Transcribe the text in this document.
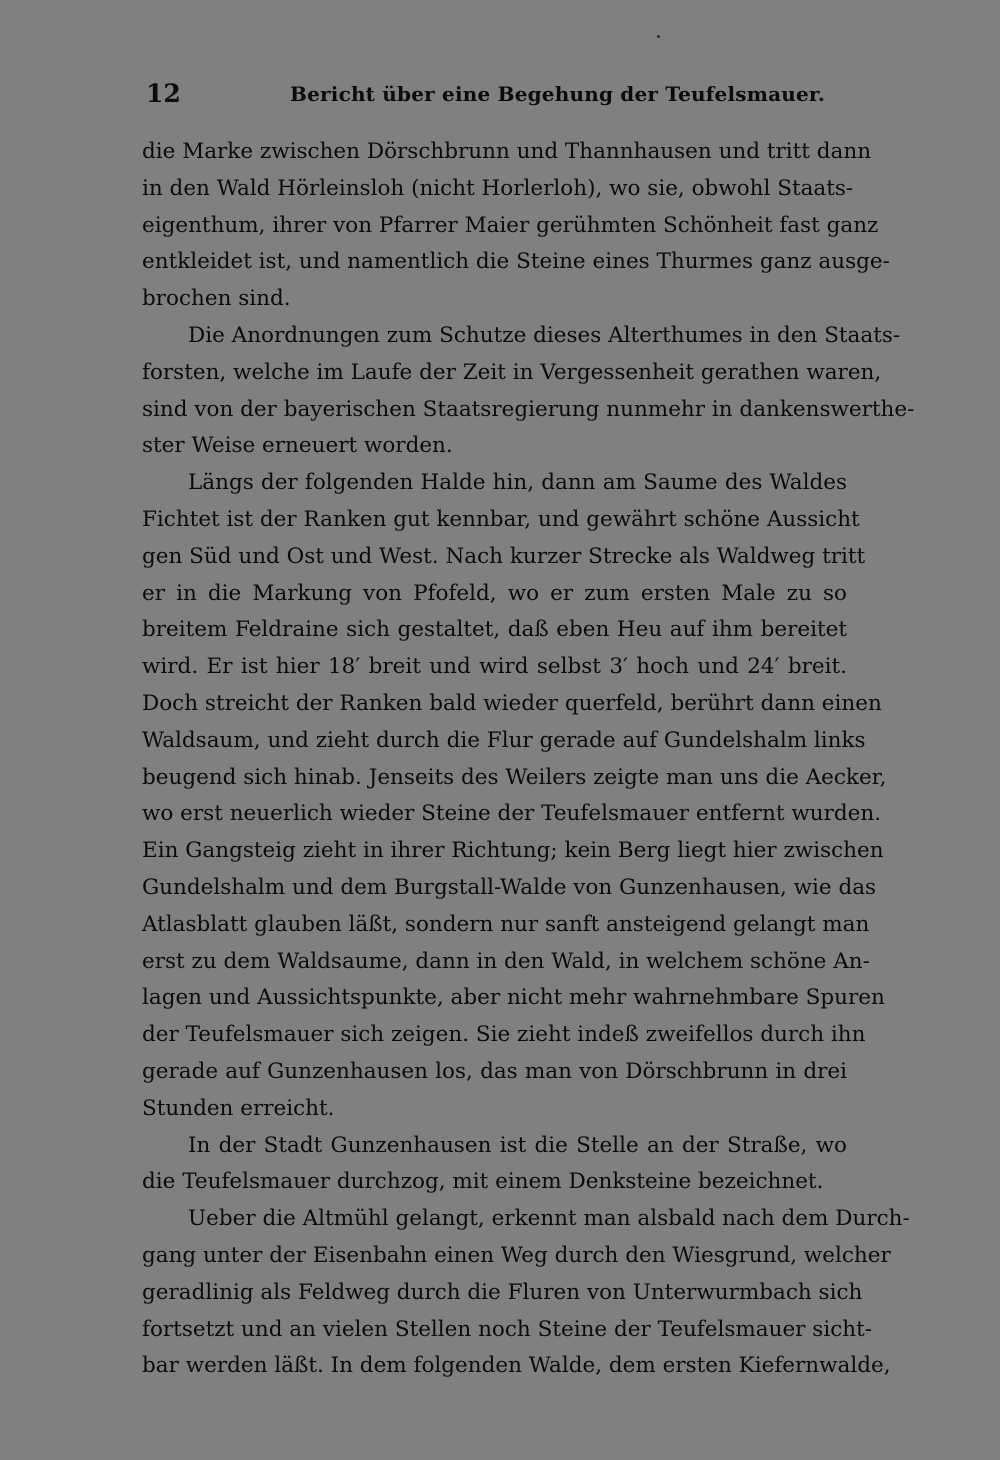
12	Bericht über eine Begehung der Teufelsmauer.
die Marke zwischen Dörschbrunn und Thannhausen und tritt dann
in den Wald Hörleinsloh (nicht Horlerloh), wo sie, obwohl Staats-
eigenthum, ihrer von Pfarrer Maier gerühmten Schönheit fast ganz
entkleidet ist, und namentlich die Steine eines Thurmes ganz ausge-
brochen sind.
Die Anordnungen zum Schutze dieses Alterthumes in den Staats-
forsten, welche im Laufe der Zeit in Vergessenheit gerathen waren,
sind von der bayerischen Staatsregierung nunmehr in dankenswerthe-
ster Weise erneuert worden.
Längs der folgenden Halde hin, dann am Saume des Waldes
Fichtet ist der Ranken gut kennbar, und gewährt schöne Aussicht
gen Süd und Ost und West. Nach kurzer Strecke als Waldweg tritt
er in die Markung von Pfofeld, wo er zum ersten Male zu so
breitem Feldraine sich gestaltet, daß eben Heu auf ihm bereitet
wird. Er ist hier 18′ breit und wird selbst 3′ hoch und 24′ breit.
Doch streicht der Ranken bald wieder querfeld, berührt dann einen
Waldsaum, und zieht durch die Flur gerade auf Gundelshalm links
beugend sich hinab. Jenseits des Weilers zeigte man uns die Aecker,
wo erst neuerlich wieder Steine der Teufelsmauer entfernt wurden.
Ein Gangsteig zieht in ihrer Richtung; kein Berg liegt hier zwischen
Gundelshalm und dem Burgstall-Walde von Gunzenhausen, wie das
Atlasblatt glauben läßt, sondern nur sanft ansteigend gelangt man
erst zu dem Waldsaume, dann in den Wald, in welchem schöne An-
lagen und Aussichtspunkte, aber nicht mehr wahrnehmbare Spuren
der Teufelsmauer sich zeigen. Sie zieht indeß zweifellos durch ihn
gerade auf Gunzenhausen los, das man von Dörschbrunn in drei
Stunden erreicht.
In der Stadt Gunzenhausen ist die Stelle an der Straße, wo
die Teufelsmauer durchzog, mit einem Denksteine bezeichnet.
Ueber die Altmühl gelangt, erkennt man alsbald nach dem Durch-
gang unter der Eisenbahn einen Weg durch den Wiesgrund, welcher
geradlinig als Feldweg durch die Fluren von Unterwurmbach sich
fortsetzt und an vielen Stellen noch Steine der Teufelsmauer sicht-
bar werden läßt. In dem folgenden Walde, dem ersten Kiefernwalde,
